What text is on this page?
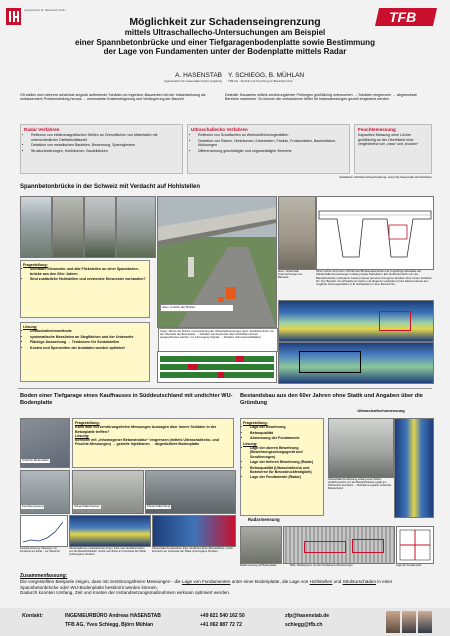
Ingenieurbüro Dr. Hasenstab GmbH	TFB
Möglichkeit zur Schadenseingrenzung
mittels Ultraschallecho-Untersuchungen am Beispiel
einer Spannbetonbrücke und einer Tiefgaragenbodenplatte sowie Bestimmung
der Lage von Fundamenten unter der Bodenplatte mittels Radar
A. HASENSTAB
Ingenieurbüro Dr. Hasenstab GmbH, Augsburg
Y. SCHIEGG, B. MÜHLAN
TFB AG - Technik und Forschung im Betonbau (CH)
Oft stellen sich mehrere scheinbar singulär auftretende Schäden an Ingenieur-Bauwerken bei der Instandsetzung als umfassendere Problemstellung heraus → unerwartete Kostensteigerung und Verlängerung der Bauzeit
Deshalb: Bauwerke mittels zerstörungsfreier Prüfungen großflächig untersuchen → Schäden eingrenzen → abgrenzbare Bereiche markieren. So können die vorhandenen Mittel für Instandsetzungen gezielt eingesetzt werden.
Radar Verfahren
• Reflexion von elektromagnetischen Wellen an Grenzflächen von Materialien mit unterschiedlicher Dielektrizitätszahl
• Detektion von metallischen Bauteilen, Bewehrung, Spanngliedern
• Strukturänderungen, Hohlräumen, Bauteildicken
Ultraschallecho Verfahren
• Reflexion von Schallwellen an Werkstoffinhomogenitäten
• Detektion von Rissen, Hohlräumen, Kiesnestern, Fäulnis, Frostschäden, Bauteildicken, Ablösungen
• Differenzierung geschädigter und ungeschädigter Bereiche
Feuchtemessung
Kapazitive Messung ohne Löcher großflächig an der Oberfläche eher vergleichend von „nass“ und „trocken“
detaillierte Verfahrensbeschreibung: www.zfp-hasenstab.de/Verfahren
Spannbetonbrücke in der Schweiz mit Verdacht auf Hohlstellen
oben: Ansicht der Brücke
Unten: Skizze der Brücke mit Auswertung der Ultraschallmessungen (grün: deutliches Echo von der Oberseite der Betonplatte → Schaden wie Kiesnester oder Hohlstellen können ausgeschlossen werden; rot: inhomogene Signale → Schaden nicht auszuschließen)
oben: Ultraschall-Untersuchungen am Bauwerk
Oben rechts und unten: Schnitt des Brückenquerwerks und zugehörige Resultate der Ultraschallechomessungen entlang zweier Messlinien. Ein deutliches Echo von der Bauteilrückseite (schwarzer Kasten) deutet auf eine homogene Struktur ohne innere Schäden hin. Der Bereich mit schwächerem Echo und längeren Laufzeiten (roter Kasten) deutet auf mögliche Inhomogenitäten (z.B. Hohlstellen) in dem Bereich hin.
Fragestellung:
• Sichtbare Kiesnester und alte Flickstellen an einer Spannbeton-brücke aus den 60er Jahren
• Sind zusätzliche Hohlstellen und versteckte Kiesnester vorhanden?
Lösung:
• Ultraschallechomethode
• systematische Messlinien an Stegflächen und der Unterseite
• Flächige Auswertung → Tendenzen für Schadstellen
• Kosten und Sperrzeiten der Autobahn wurden optimiert
Boden einer Tiefgarage eines Kaufhauses in Süddeutschland mit undichter WU-Bodenplatte
Undichte Bodenplatte
Fragestellung:
Kann man mit zerstörungsfreien Messungen Aussagen über innere Schäden in der Betonplatte treffen?
Lösung:
Bereiche mit „inhomogener Betonstruktur“ eingrenzen (mittels Ultraschallecho- und Feuchte-Messungen) → gezielte Injektionen → abgedichtete Bodenplatte
Feuchtemessung	Ultraschallechoarray	Ultraschallprüfkopf
Feuchtemessung: Messspur mit Zunahme am Ende – zur Wand hin
Ultraschallecho (multistatischer Array): links: kein deutliches Echo von der Bauteilrückseite; rechts: kein Echo an Unterseite der Platte (inhomogene Struktur)
Ultraschallecho-Messlinie: links: deutliches Echo (Bauteildicke); rechts: kein Echo an Unterseite der Platte (inhomogene Struktur)
Bestandsbau aus den 60er Jahren ohne Statik und Angaben über die Gründung
Ultraschallechomessung
Fragestellung:
• Lage der Bewehrung
• Betonqualität
• Abmessung der Fundamente
Lösung:
• Lage der oberen Bewehrung (Bewehrungsortungsgerät und Sondierungen)
• Lage der tieferen Bewehrung (Radar)
• Betonqualität (Ultraschallecho und Bohrkerne für Betondruckfestigkeit)
• Lage der Fundamente (Radar)
Ultraschallecho-Messung entlang einer Stütze: deutliches Echo von der Bauteilrückseite (gelb) am Stützenfuß: kein Echo → Bohrkerne ergaben schlechte Betonstruktur
Radarmessung
Radarmessung auf Bodenplatte	Mitte: Radargramm mit den Fundament-Abmessungen	Lage der Fundamente
Zusammenfassung:
Die vorgestellten Beispiele zeigen, dass mit zerstörungsfreien Messungen - die Lage von Fundamenten unter einer Bodenplatte, die Lage von Hohlstellen und Strukturschäden in einer Spannbetonbrücke oder WU-Bodenplatte bestimmt werden können.
Dadurch konnten Umfang, Zeit und Kosten der Instandsetzungsmaßnahmen wirksam optimiert werden.
Kontakt:	INGENIEURBÜRO Andreas HASENSTAB	+49 821 540 162 50	zfp@hasenstab.de
TFB AG, Yves Schiegg, Björn Mühlan	+41 062 887 72 72	schiegg@tfb.ch
